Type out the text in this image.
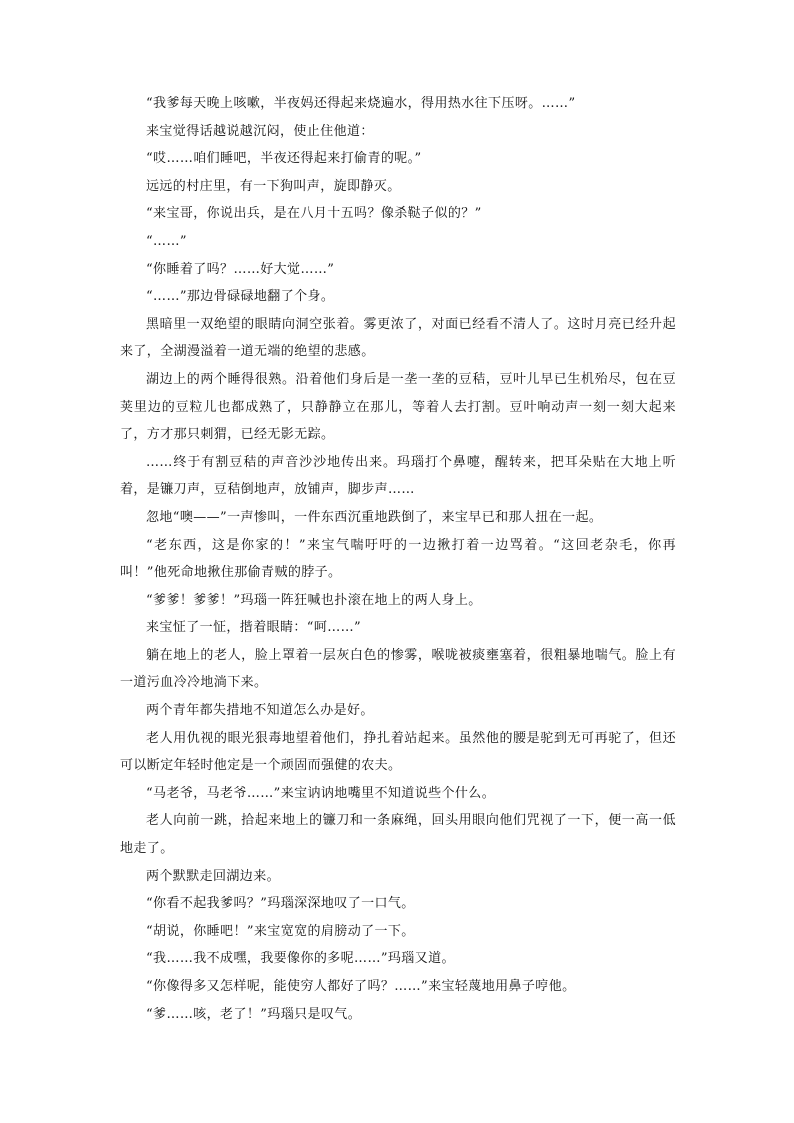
“我爹每天晚上咳嗽，半夜妈还得起来烧遍水，得用热水往下压呀。……”

来宝觉得话越说越沉闷，使止住他道：

“哎……咱们睡吧，半夜还得起来打偷青的呢。”

远远的村庄里，有一下狗叫声，旋即静灭。

“来宝哥，你说出兵，是在八月十五吗？像杀鞑子似的？”

“……”

“你睡着了吗？……好大觉……”

“……”那边骨碌碌地翻了个身。

黑暗里一双绝望的眼睛向洞空张着。雾更浓了，对面已经看不清人了。这时月亮已经升起来了，全湖漫溢着一道无端的绝望的悲感。

湖边上的两个睡得很熟。沿着他们身后是一垄一垄的豆秸，豆叶儿早已生机殆尽，包在豆荚里边的豆粒儿也都成熟了，只静静立在那儿，等着人去打割。豆叶响动声一刻一刻大起来了，方才那只刺猬，已经无影无踪。

……终于有割豆秸的声音沙沙地传出来。玛瑙打个鼻嚏，醒转来，把耳朵贴在大地上听着，是镰刀声，豆秸倒地声，放铺声，脚步声……

忽地“噢——”一声惨叫，一件东西沉重地跌倒了，来宝早已和那人扭在一起。

“老东西，这是你家的！”来宝气喘吁吁的一边揪打着一边骂着。“这回老杂毛，你再叫！”他死命地揪住那偷青贼的脖子。

“爹爹！爹爹！”玛瑙一阵狂喊也扑滚在地上的两人身上。

来宝怔了一怔，揩着眼睛：“呵……”

躺在地上的老人，脸上罩着一层灰白色的惨雾，喉咙被痰壅塞着，很粗暴地喘气。脸上有一道污血冷冷地淌下来。

两个青年都失措地不知道怎么办是好。

老人用仇视的眼光狠毒地望着他们，挣扎着站起来。虽然他的腰是驼到无可再驼了，但还可以断定年轻时他定是一个顽固而强健的农夫。

“马老爷，马老爷……”来宝讷讷地嘴里不知道说些个什么。

老人向前一跳，拾起来地上的镰刀和一条麻绳，回头用眼向他们咒视了一下，便一高一低地走了。

两个默默走回湖边来。

“你看不起我爹吗？”玛瑙深深地叹了一口气。

“胡说，你睡吧！”来宝宽宽的肩膀动了一下。

“我……我不成嘿，我要像你的多呢……”玛瑙又道。

“你像得多又怎样呢，能使穷人都好了吗？……”来宝轻蔑地用鼻子哼他。

“爹……咳，老了！”玛瑙只是叹气。
